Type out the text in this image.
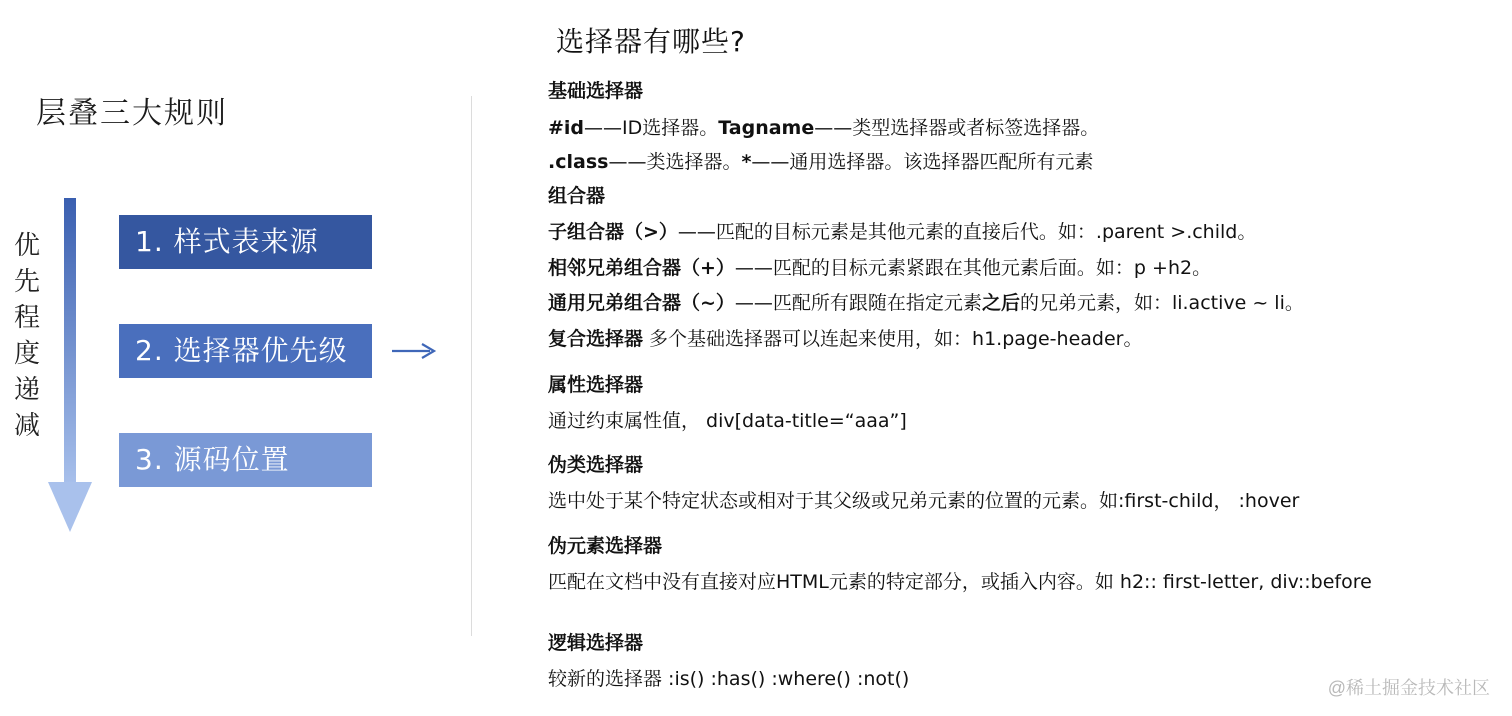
层叠三大规则
优
先
程
度
递
减
1. 样式表来源
2. 选择器优先级
3. 源码位置
选择器有哪些?
基础选择器
#id——ID选择器。Tagname——类型选择器或者标签选择器。
.class——类选择器。*——通用选择器。该选择器匹配所有元素
组合器
子组合器（>）——匹配的目标元素是其他元素的直接后代。如：.parent >.child。
相邻兄弟组合器（+）——匹配的目标元素紧跟在其他元素后面。如：p +h2。
通用兄弟组合器（~）——匹配所有跟随在指定元素之后的兄弟元素，如：li.active ~ li。
复合选择器 多个基础选择器可以连起来使用，如：h1.page-header。
属性选择器
通过约束属性值， div[data-title=“aaa”]
伪类选择器
选中处于某个特定状态或相对于其父级或兄弟元素的位置的元素。如:first-child， :hover
伪元素选择器
匹配在文档中没有直接对应HTML元素的特定部分，或插入内容。如 h2:: first-letter, div::before
逻辑选择器
较新的选择器 :is() :has() :where() :not()	@稀土掘金技术社区
